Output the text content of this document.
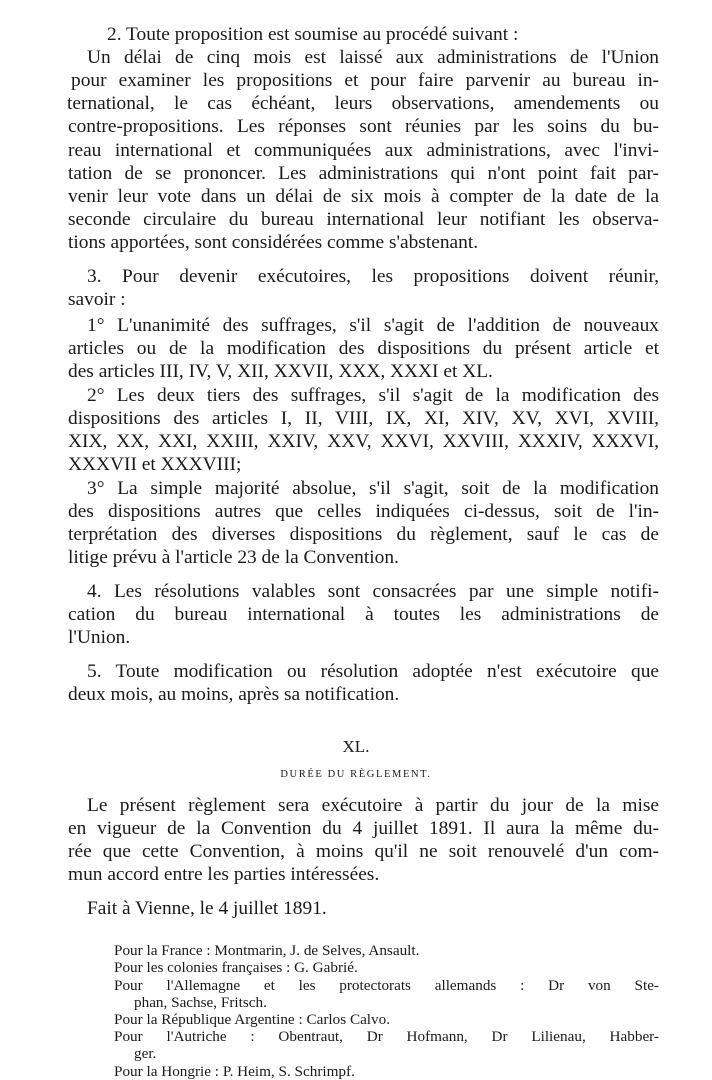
2. Toute proposition est soumise au procédé suivant :

Un délai de cinq mois est laissé aux administrations de l'Union

pour examiner les propositions et pour faire parvenir au bureau in-

ternational, le cas échéant, leurs observations, amendements ou

contre-propositions. Les réponses sont réunies par les soins du bu-

reau international et communiquées aux administrations, avec l'invi-

tation de se prononcer. Les administrations qui n'ont point fait par-

venir leur vote dans un délai de six mois à compter de la date de la

seconde circulaire du bureau international leur notifiant les observa-

tions apportées, sont considérées comme s'abstenant.

3. Pour devenir exécutoires, les propositions doivent réunir,

savoir :

1° L'unanimité des suffrages, s'il s'agit de l'addition de nouveaux

articles ou de la modification des dispositions du présent article et

des articles III, IV, V, XII, XXVII, XXX, XXXI et XL.

2° Les deux tiers des suffrages, s'il s'agit de la modification des

dispositions des articles I, II, VIII, IX, XI, XIV, XV, XVI, XVIII,

XIX, XX, XXI, XXIII, XXIV, XXV, XXVI, XXVIII, XXXIV, XXXVI,

XXXVII et XXXVIII;

3° La simple majorité absolue, s'il s'agit, soit de la modification

des dispositions autres que celles indiquées ci-dessus, soit de l'in-

terprétation des diverses dispositions du règlement, sauf le cas de

litige prévu à l'article 23 de la Convention.

4. Les résolutions valables sont consacrées par une simple notifi-

cation du bureau international à toutes les administrations de

l'Union.

5. Toute modification ou résolution adoptée n'est exécutoire que

deux mois, au moins, après sa notification.

XL.
DURÉE DU RÈGLEMENT.

Le présent règlement sera exécutoire à partir du jour de la mise

en vigueur de la Convention du 4 juillet 1891. Il aura la même du-

rée que cette Convention, à moins qu'il ne soit renouvelé d'un com-

mun accord entre les parties intéressées.

Fait à Vienne, le 4 juillet 1891.

Pour la France : Montmarin, J. de Selves, Ansault.

Pour les colonies françaises : G. Gabrié.

Pour l'Allemagne et les protectorats allemands : Dr von Ste-

phan, Sachse, Fritsch.

Pour la République Argentine : Carlos Calvo.

Pour l'Autriche : Obentraut, Dr Hofmann, Dr Lilienau, Habber-

ger.

Pour la Hongrie : P. Heim, S. Schrimpf.
